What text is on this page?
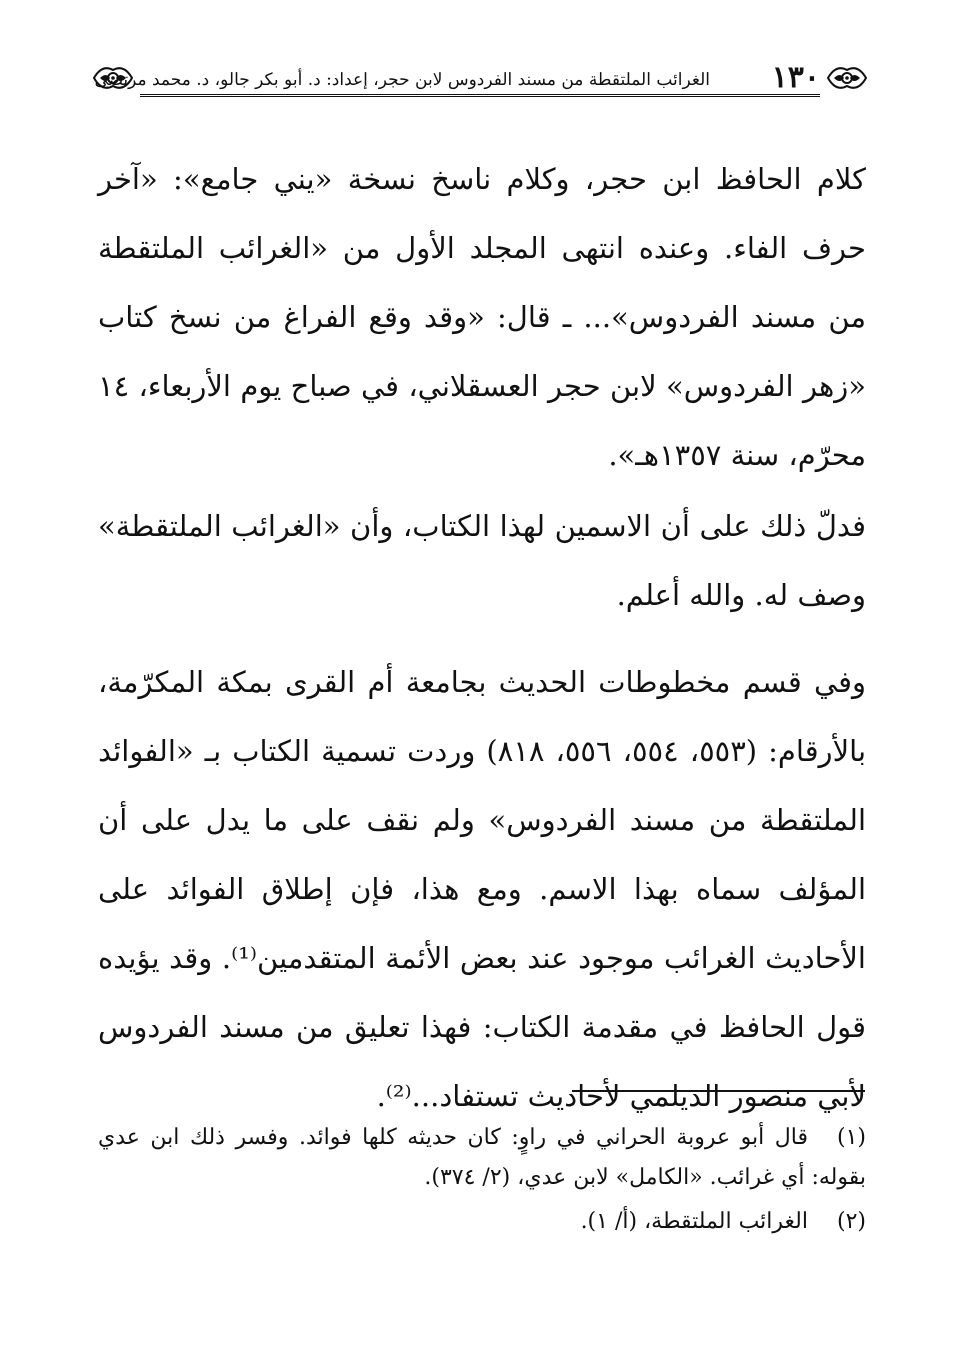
١٣٠
الغرائب الملتقطة من مسند الفردوس لابن حجر، إعداد: د. أبو بكر جالو، د. محمد مرتضى

كلام الحافظ ابن حجر، وكلام ناسخ نسخة «يني جامع»: «آخر حرف الفاء. وعنده انتهى المجلد الأول من «الغرائب الملتقطة من مسند الفردوس»... ـ قال: «وقد وقع الفراغ من نسخ كتاب «زهر الفردوس» لابن حجر العسقلاني، في صباح يوم الأربعاء، ١٤ محرّم، سنة ١٣٥٧هـ».

فدلّ ذلك على أن الاسمين لهذا الكتاب، وأن «الغرائب الملتقطة» وصف له. والله أعلم.

وفي قسم مخطوطات الحديث بجامعة أم القرى بمكة المكرّمة، بالأرقام: (٥٥٣، ٥٥٤، ٥٥٦، ٨١٨) وردت تسمية الكتاب بـ «الفوائد الملتقطة من مسند الفردوس» ولم نقف على ما يدل على أن المؤلف سماه بهذا الاسم. ومع هذا، فإن إطلاق الفوائد على الأحاديث الغرائب موجود عند بعض الأئمة المتقدمين⁽¹⁾. وقد يؤيده قول الحافظ في مقدمة الكتاب: فهذا تعليق من مسند الفردوس لأبي منصور الديلمي لأحاديث تستفاد...⁽²⁾.

(١)قال أبو عروبة الحراني في راوٍ: كان حديثه كلها فوائد. وفسر ذلك ابن عدي بقوله: أي غرائب. «الكامل» لابن عدي، (٢/ ٣٧٤).
(٢)الغرائب الملتقطة، (أ/ ١).
